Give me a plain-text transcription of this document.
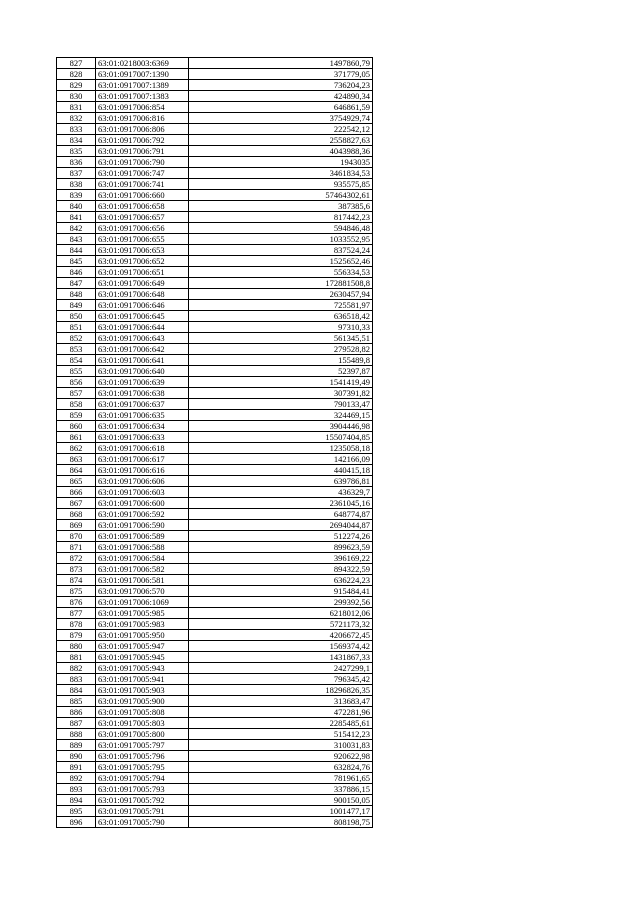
827	63:01:0218003:6369	1497860,79
828	63:01:0917007:1390	371779,05
829	63:01:0917007:1389	736204,23
830	63:01:0917007:1383	424890,34
831	63:01:0917006:854	646861,59
832	63:01:0917006:816	3754929,74
833	63:01:0917006:806	222542,12
834	63:01:0917006:792	2558827,63
835	63:01:0917006:791	4043988,36
836	63:01:0917006:790	1943035
837	63:01:0917006:747	3461834,53
838	63:01:0917006:741	935575,85
839	63:01:0917006:660	57464302,61
840	63:01:0917006:658	387385,6
841	63:01:0917006:657	817442,23
842	63:01:0917006:656	594846,48
843	63:01:0917006:655	1033552,95
844	63:01:0917006:653	837524,24
845	63:01:0917006:652	1525652,46
846	63:01:0917006:651	556334,53
847	63:01:0917006:649	172881508,8
848	63:01:0917006:648	2630457,94
849	63:01:0917006:646	725581,97
850	63:01:0917006:645	636518,42
851	63:01:0917006:644	97310,33
852	63:01:0917006:643	561345,51
853	63:01:0917006:642	279528,82
854	63:01:0917006:641	155489,8
855	63:01:0917006:640	52397,87
856	63:01:0917006:639	1541419,49
857	63:01:0917006:638	307391,82
858	63:01:0917006:637	790133,47
859	63:01:0917006:635	324469,15
860	63:01:0917006:634	3904446,98
861	63:01:0917006:633	15507404,85
862	63:01:0917006:618	1235058,18
863	63:01:0917006:617	142166,09
864	63:01:0917006:616	440415,18
865	63:01:0917006:606	639786,81
866	63:01:0917006:603	436329,7
867	63:01:0917006:600	2361045,16
868	63:01:0917006:592	648774,87
869	63:01:0917006:590	2694044,87
870	63:01:0917006:589	512274,26
871	63:01:0917006:588	899623,59
872	63:01:0917006:584	396169,22
873	63:01:0917006:582	894322,59
874	63:01:0917006:581	636224,23
875	63:01:0917006:570	915484,41
876	63:01:0917006:1069	299392,56
877	63:01:0917005:985	6218012,06
878	63:01:0917005:983	5721173,32
879	63:01:0917005:950	4206672,45
880	63:01:0917005:947	1569374,42
881	63:01:0917005:945	1431867,33
882	63:01:0917005:943	2427299,1
883	63:01:0917005:941	796345,42
884	63:01:0917005:903	18296826,35
885	63:01:0917005:900	313683,47
886	63:01:0917005:808	472281,96
887	63:01:0917005:803	2285485,61
888	63:01:0917005:800	515412,23
889	63:01:0917005:797	310031,83
890	63:01:0917005:796	920622,98
891	63:01:0917005:795	632824,76
892	63:01:0917005:794	781961,65
893	63:01:0917005:793	337886,15
894	63:01:0917005:792	900150,05
895	63:01:0917005:791	1001477,17
896	63:01:0917005:790	808198,75
